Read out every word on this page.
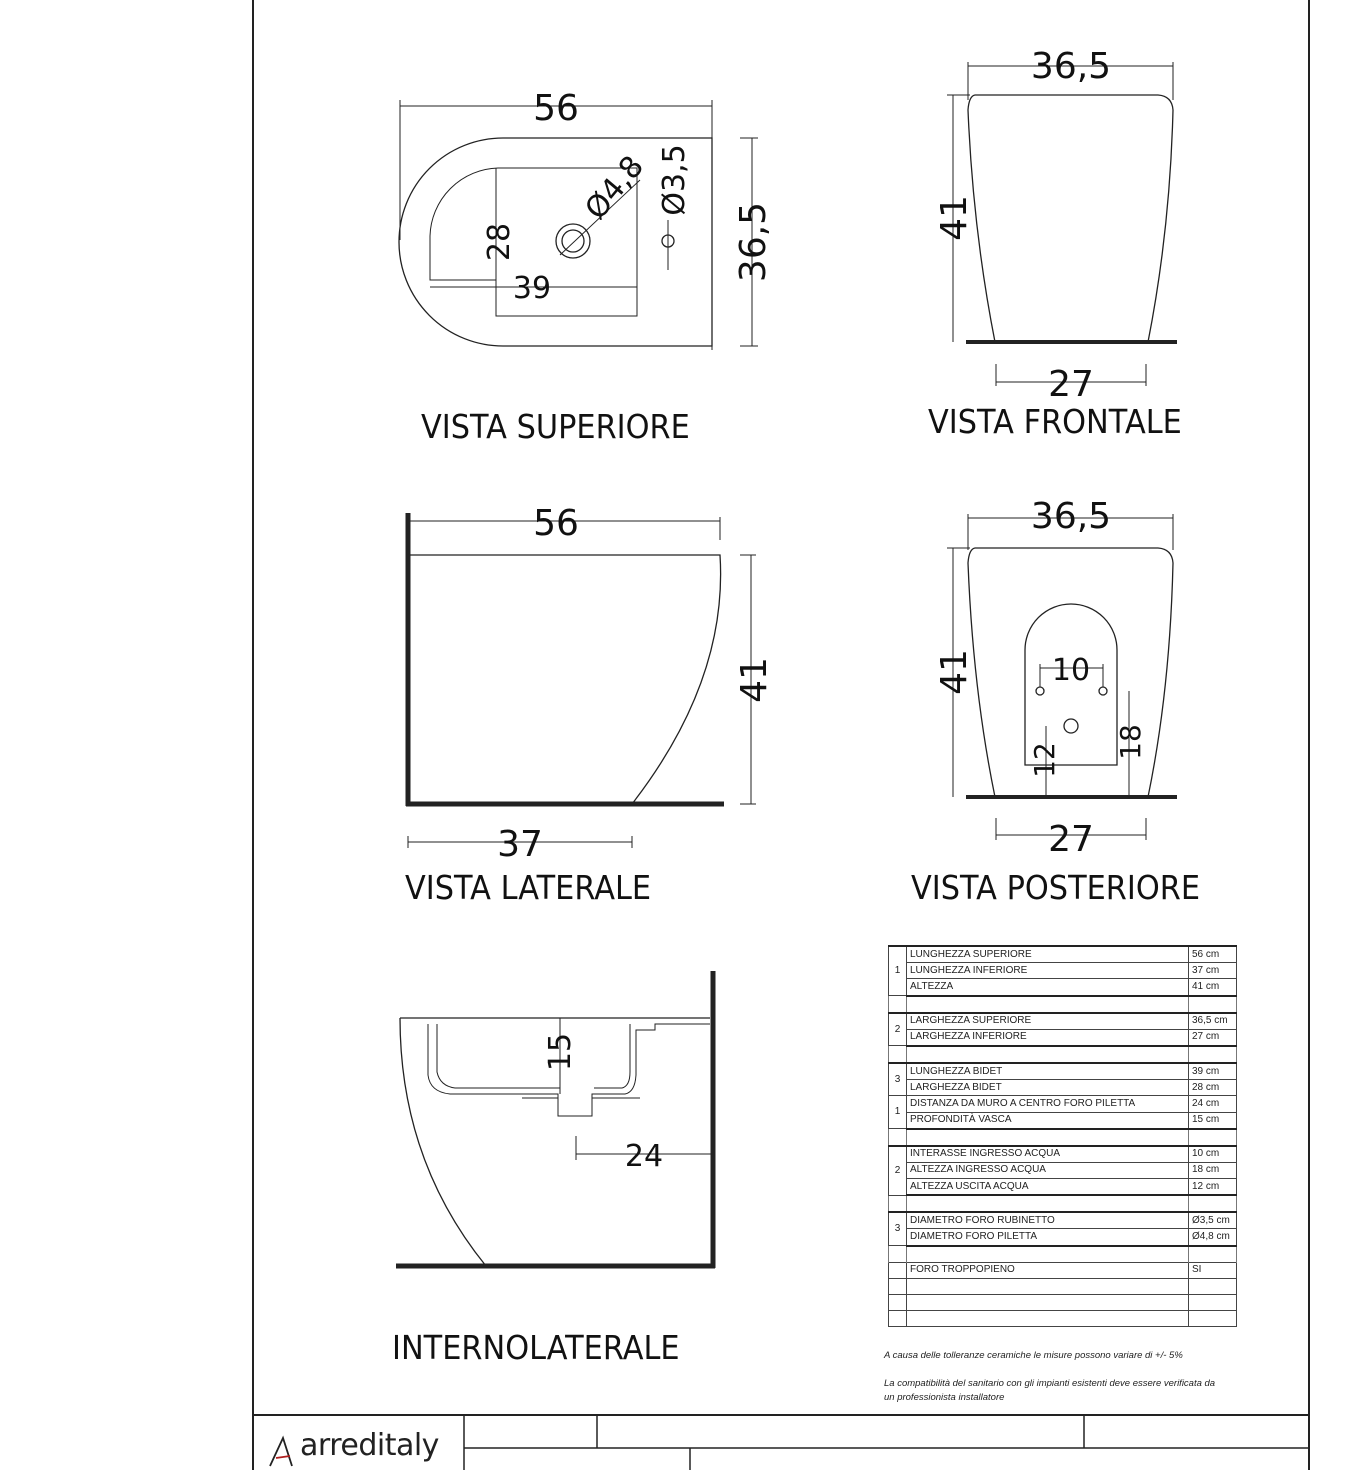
56
36,5
28
39
Ø4,8 Ø3,5
36,5
41
27
56
41
37
36,5
41	10
12
18
27
15
24
VISTA SUPERIORE	VISTA FRONTALE
VISTA LATERALE	VISTA POSTERIORE
INTERNOLATERALE
1	LUNGHEZZA SUPERIORE	56 cm
	LUNGHEZZA INFERIORE	37 cm
	ALTEZZA	41 cm

2	LARGHEZZA SUPERIORE	36,5 cm
	LARGHEZZA INFERIORE	27 cm

3	LUNGHEZZA BIDET	39 cm
	LARGHEZZA BIDET	28 cm
1	DISTANZA DA MURO A CENTRO FORO PILETTA	24 cm
	PROFONDITÀ VASCA	15 cm

2	INTERASSE INGRESSO ACQUA	10 cm
	ALTEZZA INGRESSO ACQUA	18 cm
	ALTEZZA USCITA ACQUA	12 cm

3	DIAMETRO FORO RUBINETTO	Ø3,5 cm
	DIAMETRO FORO PILETTA	Ø4,8 cm

	FORO TROPPOPIENO	SI

A causa delle tolleranze ceramiche le misure possono variare di +/- 5%
La compatibilità del sanitario con gli impianti esistenti deve essere verificata da
un professionista installatore
arreditaly
